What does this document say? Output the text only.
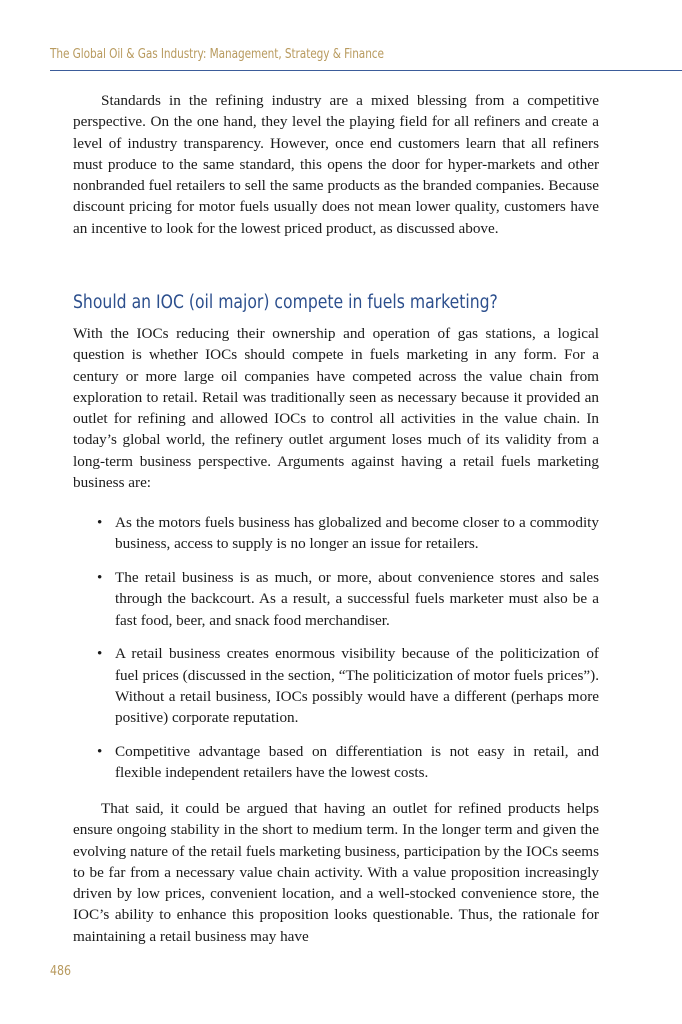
The Global Oil & Gas Industry: Management, Strategy & Finance

Standards in the refining industry are a mixed blessing from a competitive perspective. On the one hand, they level the playing field for all refiners and create a level of industry transparency. However, once end customers learn that all refiners must produce to the same standard, this opens the door for hyper-markets and other nonbranded fuel retailers to sell the same products as the branded companies. Because discount pricing for motor fuels usually does not mean lower quality, customers have an incentive to look for the lowest priced product, as discussed above.

Should an IOC (oil major) compete in fuels marketing?

With the IOCs reducing their ownership and operation of gas stations, a logical question is whether IOCs should compete in fuels marketing in any form. For a century or more large oil companies have competed across the value chain from exploration to retail. Retail was traditionally seen as necessary because it provided an outlet for refining and allowed IOCs to control all activities in the value chain. In today’s global world, the refinery outlet argument loses much of its validity from a long-term business perspective. Arguments against having a retail fuels marketing business are:

• As the motors fuels business has globalized and become closer to a commodity business, access to supply is no longer an issue for retailers.
• The retail business is as much, or more, about convenience stores and sales through the backcourt. As a result, a successful fuels marketer must also be a fast food, beer, and snack food merchandiser.
• A retail business creates enormous visibility because of the politicization of fuel prices (discussed in the section, “The politicization of motor fuels prices”). Without a retail business, IOCs possibly would have a different (perhaps more positive) corporate reputation.
• Competitive advantage based on differentiation is not easy in retail, and flexible independent retailers have the lowest costs.

That said, it could be argued that having an outlet for refined products helps ensure ongoing stability in the short to medium term. In the longer term and given the evolving nature of the retail fuels marketing business, participation by the IOCs seems to be far from a necessary value chain activity. With a value proposition increasingly driven by low prices, convenient location, and a well-stocked convenience store, the IOC’s ability to enhance this proposition looks questionable. Thus, the rationale for maintaining a retail business may have

486
